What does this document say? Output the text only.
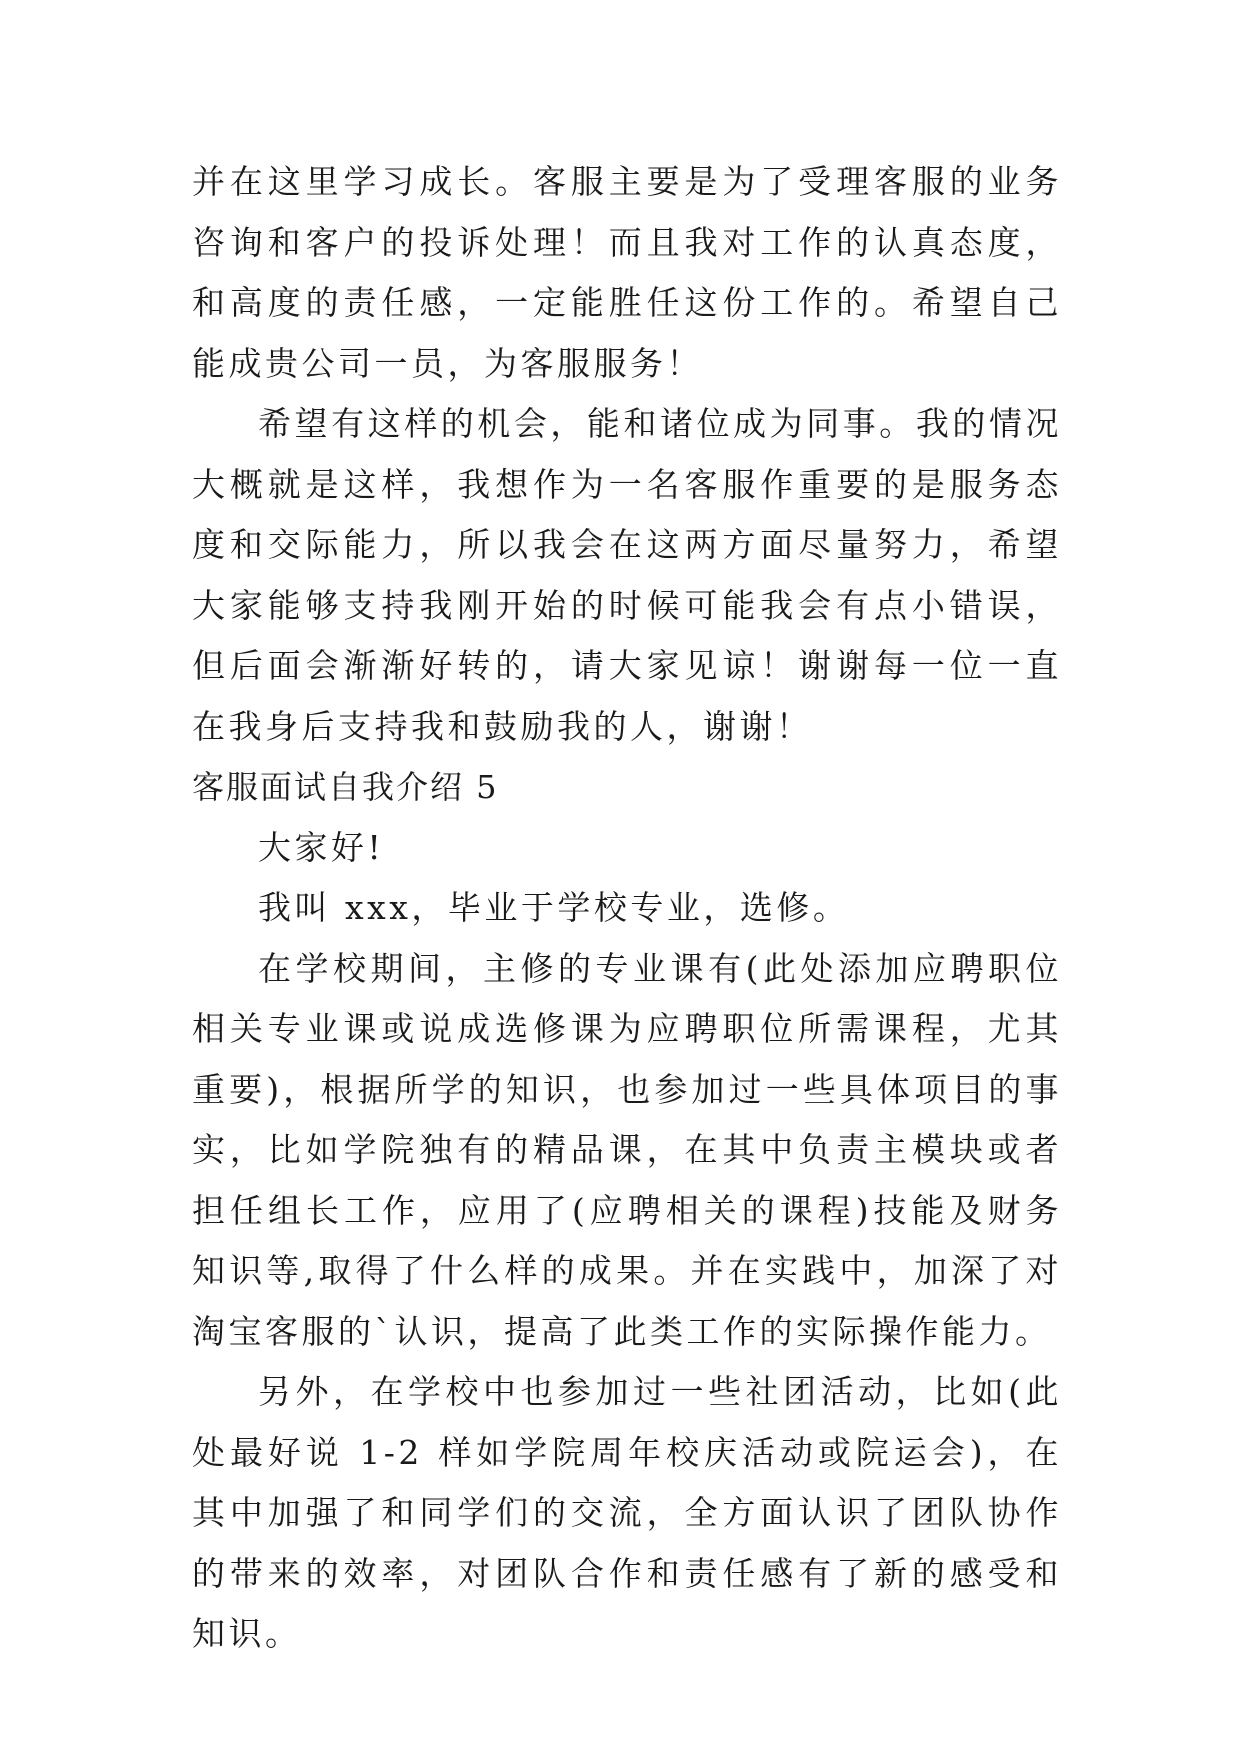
并在这里学习成长。客服主要是为了受理客服的业务咨询和客户的投诉处理！而且我对工作的认真态度，和高度的责任感，一定能胜任这份工作的。希望自己能成贵公司一员，为客服服务！

希望有这样的机会，能和诸位成为同事。我的情况大概就是这样，我想作为一名客服作重要的是服务态度和交际能力，所以我会在这两方面尽量努力，希望大家能够支持我刚开始的时候可能我会有点小错误，但后面会渐渐好转的，请大家见谅！谢谢每一位一直在我身后支持我和鼓励我的人，谢谢！

客服面试自我介绍 5

大家好!

我叫 xxx，毕业于学校专业，选修。

在学校期间，主修的专业课有(此处添加应聘职位相关专业课或说成选修课为应聘职位所需课程，尤其重要)，根据所学的知识，也参加过一些具体项目的事实，比如学院独有的精品课，在其中负责主模块或者担任组长工作，应用了(应聘相关的课程)技能及财务知识等,取得了什么样的成果。并在实践中，加深了对淘宝客服的`认识，提高了此类工作的实际操作能力。

另外，在学校中也参加过一些社团活动，比如(此处最好说 1-2 样如学院周年校庆活动或院运会)，在其中加强了和同学们的交流，全方面认识了团队协作的带来的效率，对团队合作和责任感有了新的感受和知识。
